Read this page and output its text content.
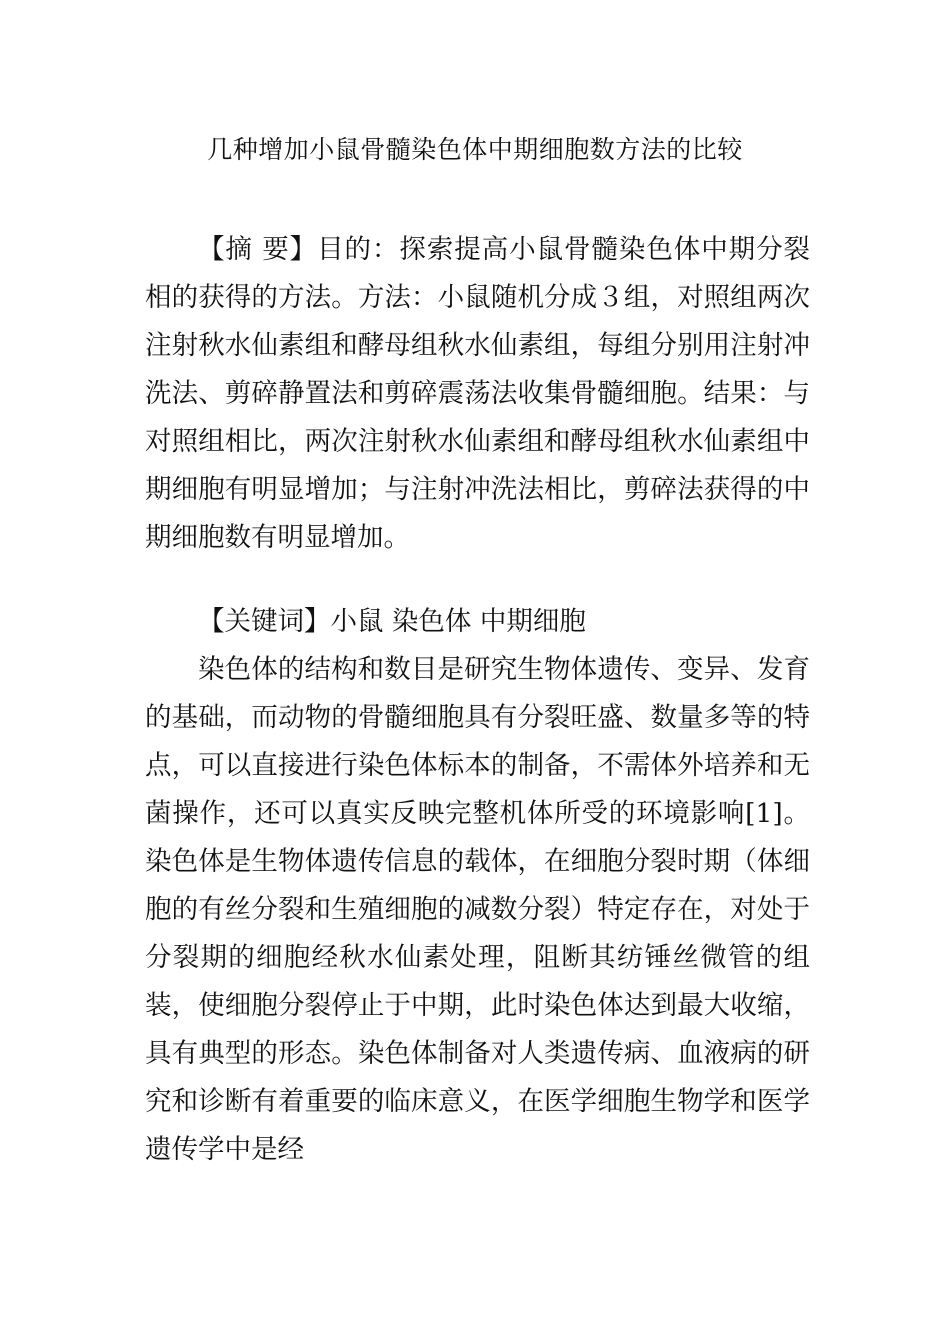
几种增加小鼠骨髓染色体中期细胞数方法的比较
【摘 要】目的：探索提高小鼠骨髓染色体中期分裂相的获得的方法。方法：小鼠随机分成３组，对照组两次注射秋水仙素组和酵母组秋水仙素组，每组分别用注射冲洗法、剪碎静置法和剪碎震荡法收集骨髓细胞。结果：与对照组相比，两次注射秋水仙素组和酵母组秋水仙素组中期细胞有明显增加；与注射冲洗法相比，剪碎法获得的中期细胞数有明显增加。
【关键词】小鼠 染色体 中期细胞
染色体的结构和数目是研究生物体遗传、变异、发育的基础，而动物的骨髓细胞具有分裂旺盛、数量多等的特点，可以直接进行染色体标本的制备，不需体外培养和无菌操作，还可以真实反映完整机体所受的环境影响[1]。染色体是生物体遗传信息的载体，在细胞分裂时期（体细胞的有丝分裂和生殖细胞的减数分裂）特定存在，对处于分裂期的细胞经秋水仙素处理，阻断其纺锤丝微管的组装，使细胞分裂停止于中期，此时染色体达到最大收缩，具有典型的形态。染色体制备对人类遗传病、血液病的研究和诊断有着重要的临床意义，在医学细胞生物学和医学遗传学中是经
